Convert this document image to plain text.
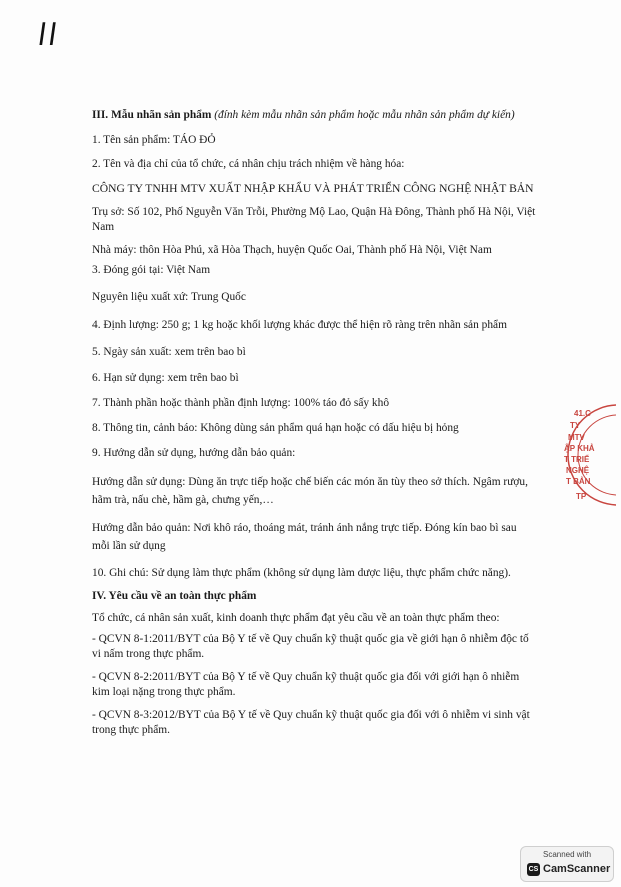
ll
III. Mẫu nhãn sản phẩm (đính kèm mẫu nhãn sản phẩm hoặc mẫu nhãn sản phẩm dự kiến)
1. Tên sản phẩm: TÁO ĐỎ
2. Tên và địa chỉ của tổ chức, cá nhân chịu trách nhiệm về hàng hóa:
CÔNG TY TNHH MTV XUẤT NHẬP KHẨU VÀ PHÁT TRIỂN CÔNG NGHỆ NHẬT BẢN
Trụ sở: Số 102, Phố Nguyễn Văn Trỗi, Phường Mộ Lao, Quận Hà Đông, Thành phố Hà Nội, Việt Nam
Nhà máy: thôn Hòa Phú, xã Hòa Thạch, huyện Quốc Oai, Thành phố Hà Nội, Việt Nam
3. Đóng gói tại: Việt Nam
Nguyên liệu xuất xứ: Trung Quốc
4. Định lượng: 250 g; 1 kg hoặc khối lượng khác được thể hiện rõ ràng trên nhãn sản phẩm
5. Ngày sản xuất: xem trên bao bì
6. Hạn sử dụng: xem trên bao bì
7. Thành phần hoặc thành phần định lượng: 100% táo đỏ sấy khô
8. Thông tin, cảnh báo: Không dùng sản phẩm quá hạn hoặc có dấu hiệu bị hỏng
9. Hướng dẫn sử dụng, hướng dẫn bảo quản:
Hướng dẫn sử dụng: Dùng ăn trực tiếp hoặc chế biến các món ăn tùy theo sở thích. Ngâm rượu, hãm trà, nấu chè, hầm gà, chưng yến,…
Hướng dẫn bảo quản: Nơi khô ráo, thoáng mát, tránh ánh nắng trực tiếp. Đóng kín bao bì sau mỗi lần sử dụng
10. Ghi chú: Sử dụng làm thực phẩm (không sử dụng làm dược liệu, thực phẩm chức năng).
IV. Yêu cầu về an toàn thực phẩm
Tổ chức, cá nhân sản xuất, kinh doanh thực phẩm đạt yêu cầu về an toàn thực phẩm theo:
- QCVN 8-1:2011/BYT của Bộ Y tế về Quy chuẩn kỹ thuật quốc gia về giới hạn ô nhiễm độc tố vi nấm trong thực phẩm.
- QCVN 8-2:2011/BYT của Bộ Y tế về Quy chuẩn kỹ thuật quốc gia đối với giới hạn ô nhiễm kim loại nặng trong thực phẩm.
- QCVN 8-3:2012/BYT của Bộ Y tế về Quy chuẩn kỹ thuật quốc gia đối với ô nhiễm vi sinh vật trong thực phẩm.
41.C
TY
MTV
ẬP KHẢ
T TRIỂ
NGHỆ
T BẢN
TP
Scanned with
CS CamScanner
